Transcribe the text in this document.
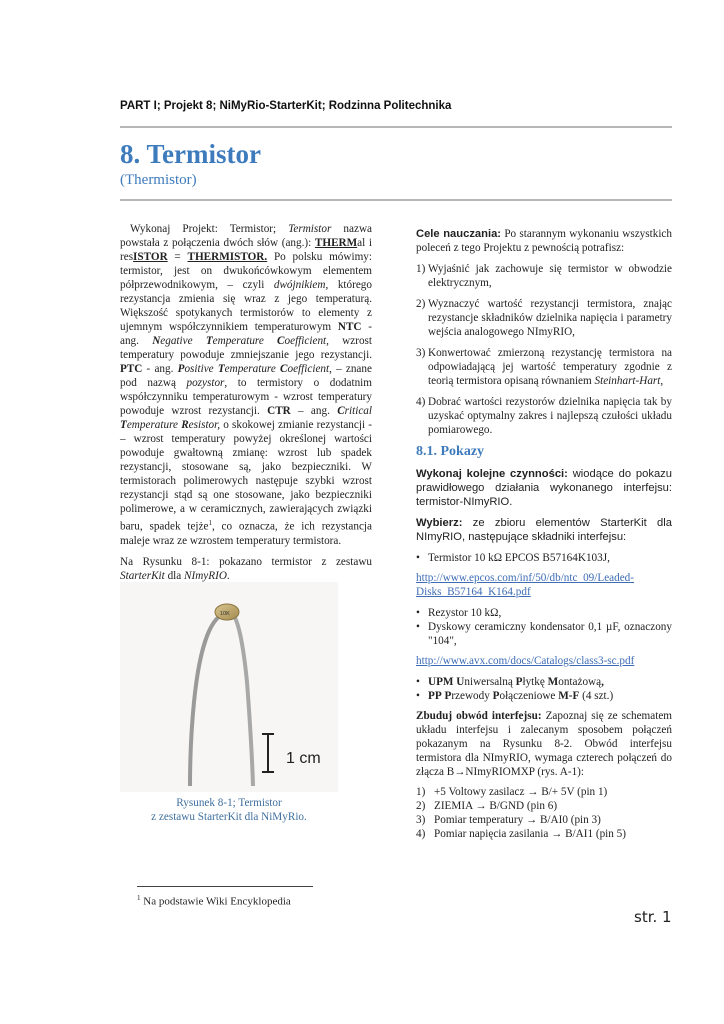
PART I; Projekt 8; NiMyRio-StarterKit; Rodzinna Politechnika
8. Termistor
(Thermistor)

Wykonaj Projekt: Termistor; Termistor nazwa powstała z połączenia dwóch słów (ang.): THERMal i resISTOR = THERMISTOR. Po polsku mówimy: termistor, jest on dwukońcówkowym elementem półprzewodnikowym, – czyli dwójnikiem, którego rezystancja zmienia się wraz z jego temperaturą. Większość spotykanych termistorów to elementy z ujemnym współczynnikiem temperaturowym NTC - ang. Negative Temperature Coefficient, wzrost temperatury powoduje zmniejszanie jego rezystancji. PTC - ang. Positive Temperature Coefficient, – znane pod nazwą pozystor, to termistory o dodatnim współczynniku temperaturowym - wzrost temperatury powoduje wzrost rezystancji. CTR – ang. Critical Temperature Resistor, o skokowej zmianie rezystancji - – wzrost temperatury powyżej określonej wartości powoduje gwałtowną zmianę: wzrost lub spadek rezystancji, stosowane są, jako bezpieczniki. W termistorach polimerowych następuje szybki wzrost rezystancji stąd są one stosowane, jako bezpieczniki polimerowe, a w ceramicznych, zawierających związki baru, spadek tejże$^1$, co oznacza, że ich rezystancja maleje wraz ze wzrostem temperatury termistora.

Na Rysunku 8-1: pokazano termistor z zestawu StarterKit dla NImyRIO.

10K
1 cm
Rysunek 8-1; Termistor
z zestawu StarterKit dla NiMyRio.
$^1$ Na podstawie Wiki Encyklopedia

Cele nauczania: Po starannym wykonaniu wszystkich poleceń z tego Projektu z pewnością potrafisz:

1) Wyjaśnić jak zachowuje się termistor w obwodzie elektrycznym,
2) Wyznaczyć wartość rezystancji termistora, znając rezystancje składników dzielnika napięcia i parametry wejścia analogowego NImyRIO,
3) Konwertować zmierzoną rezystancję termistora na odpowiadającą jej wartość temperatury zgodnie z teorią termistora opisaną równaniem Steinhart-Hart,
4) Dobrać wartości rezystorów dzielnika napięcia tak by uzyskać optymalny zakres i najlepszą czułości układu pomiarowego.
8.1. Pokazy

Wykonaj kolejne czynności: wiodące do pokazu prawidłowego działania wykonanego interfejsu: termistor-NImyRIO.

Wybierz: ze zbioru elementów StarterKit dla NImyRIO, następujące składniki interfejsu:

• Termistor 10 kΩ EPCOS B57164K103J,
http://www.epcos.com/inf/50/db/ntc_09/Leaded-Disks_B57164_K164.pdf
• Rezystor 10 kΩ,
• Dyskowy ceramiczny kondensator 0,1 µF, oznaczony "104",
http://www.avx.com/docs/Catalogs/class3-sc.pdf
• UPM Uniwersalną Płytkę Montażową,
• PP Przewody Połączeniowe M-F (4 szt.)

Zbuduj obwód interfejsu: Zapoznaj się ze schematem układu interfejsu i zalecanym sposobem połączeń pokazanym na Rysunku 8-2. Obwód interfejsu termistora dla NImyRIO, wymaga czterech połączeń do złącza B→NImyRIOMXP (rys. A-1):

1) +5 Voltowy zasilacz → B/+ 5V (pin 1)
2) ZIEMIA → B/GND (pin 6)
3) Pomiar temperatury → B/AI0 (pin 3)
4) Pomiar napięcia zasilania → B/AI1 (pin 5)
str. 1
